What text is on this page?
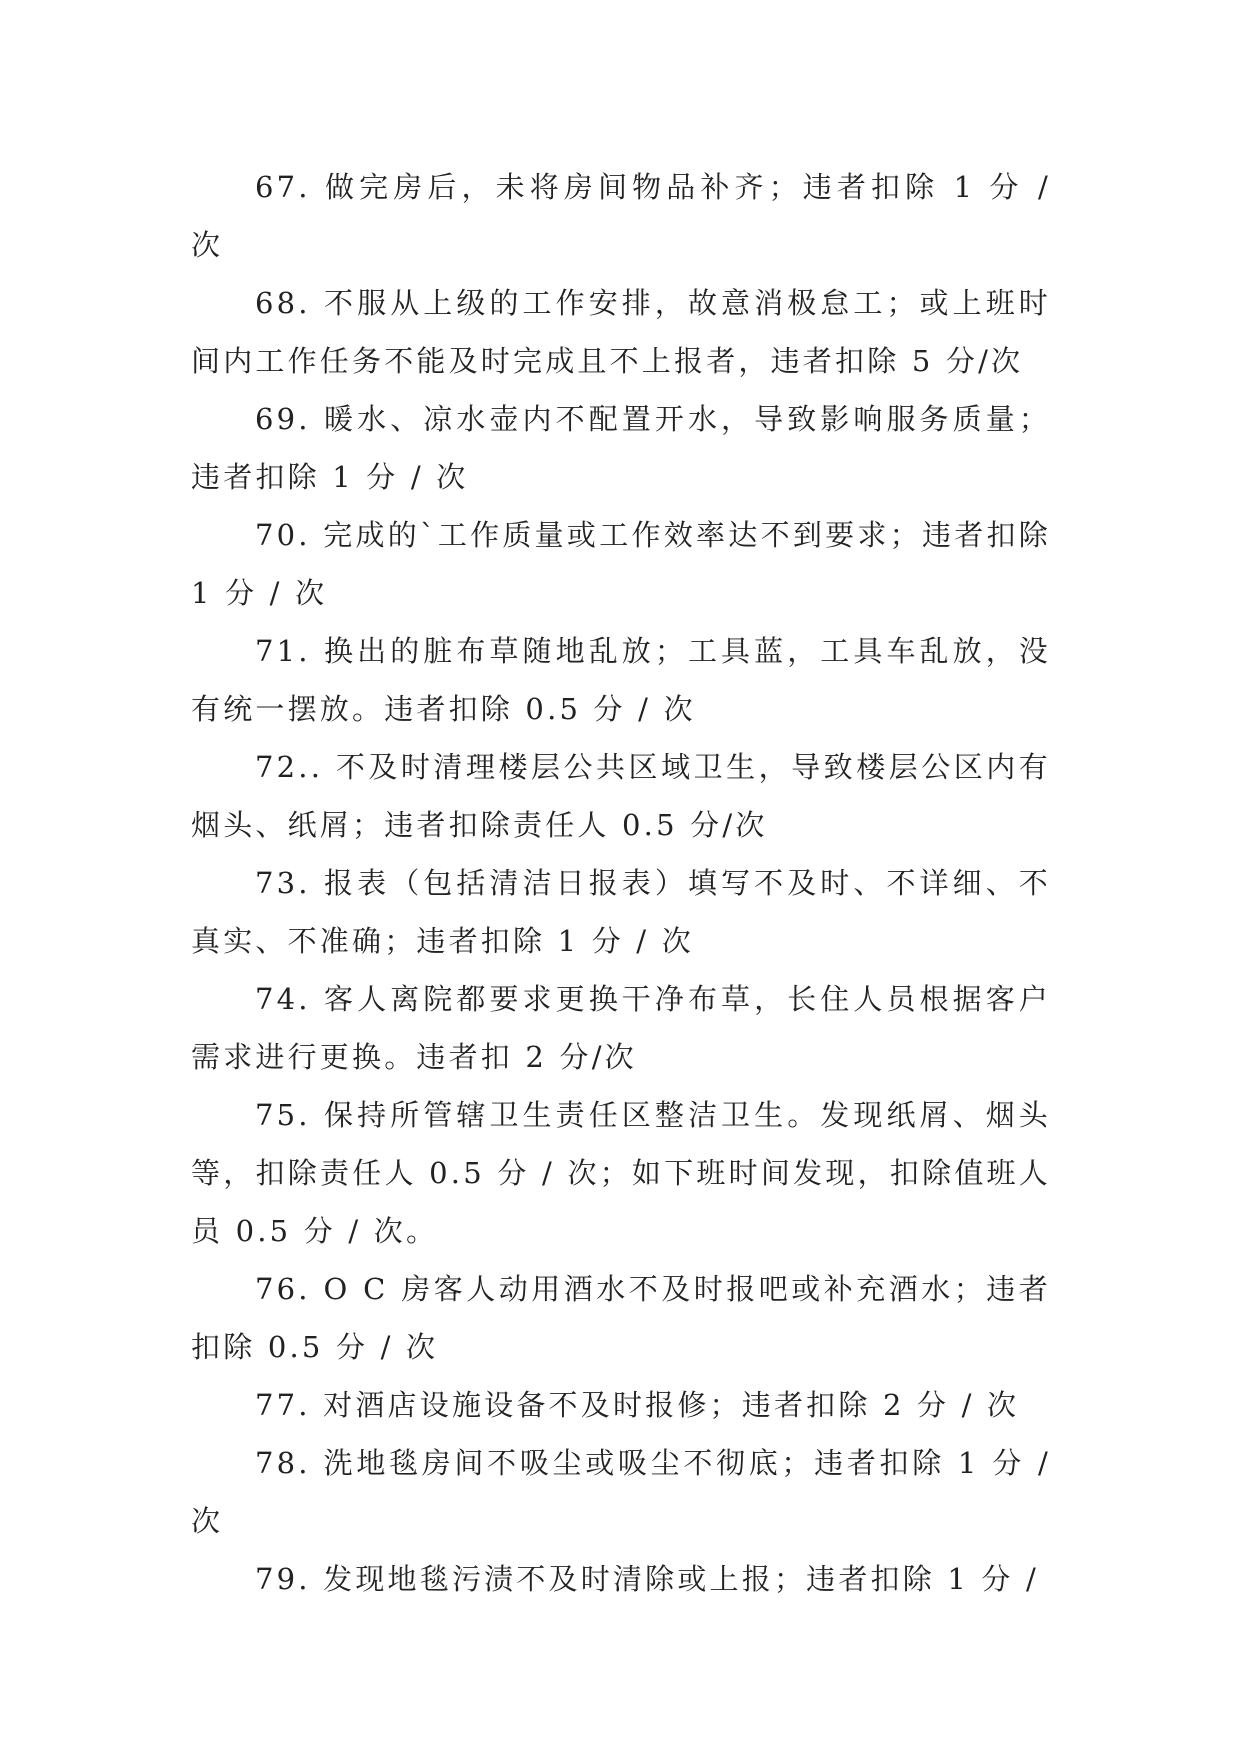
67. 做完房后，未将房间物品补齐；违者扣除 1 分 / 次

68. 不服从上级的工作安排，故意消极怠工；或上班时间内工作任务不能及时完成且不上报者，违者扣除 5 分/次

69. 暖水、凉水壶内不配置开水，导致影响服务质量；违者扣除 1 分 / 次

70. 完成的`工作质量或工作效率达不到要求；违者扣除 1 分 / 次

71. 换出的脏布草随地乱放；工具蓝，工具车乱放，没有统一摆放。违者扣除 0.5 分 / 次

72.. 不及时清理楼层公共区域卫生，导致楼层公区内有烟头、纸屑；违者扣除责任人 0.5 分/次

73. 报表（包括清洁日报表）填写不及时、不详细、不真实、不准确；违者扣除 1 分 / 次

74. 客人离院都要求更换干净布草，长住人员根据客户需求进行更换。违者扣 2 分/次

75. 保持所管辖卫生责任区整洁卫生。发现纸屑、烟头等，扣除责任人 0.5 分 / 次；如下班时间发现，扣除值班人员 0.5 分 / 次。

76. O C 房客人动用酒水不及时报吧或补充酒水；违者扣除 0.5 分 / 次

77. 对酒店设施设备不及时报修；违者扣除 2 分 / 次

78. 洗地毯房间不吸尘或吸尘不彻底；违者扣除 1 分 / 次

79. 发现地毯污渍不及时清除或上报；违者扣除 1 分 /
